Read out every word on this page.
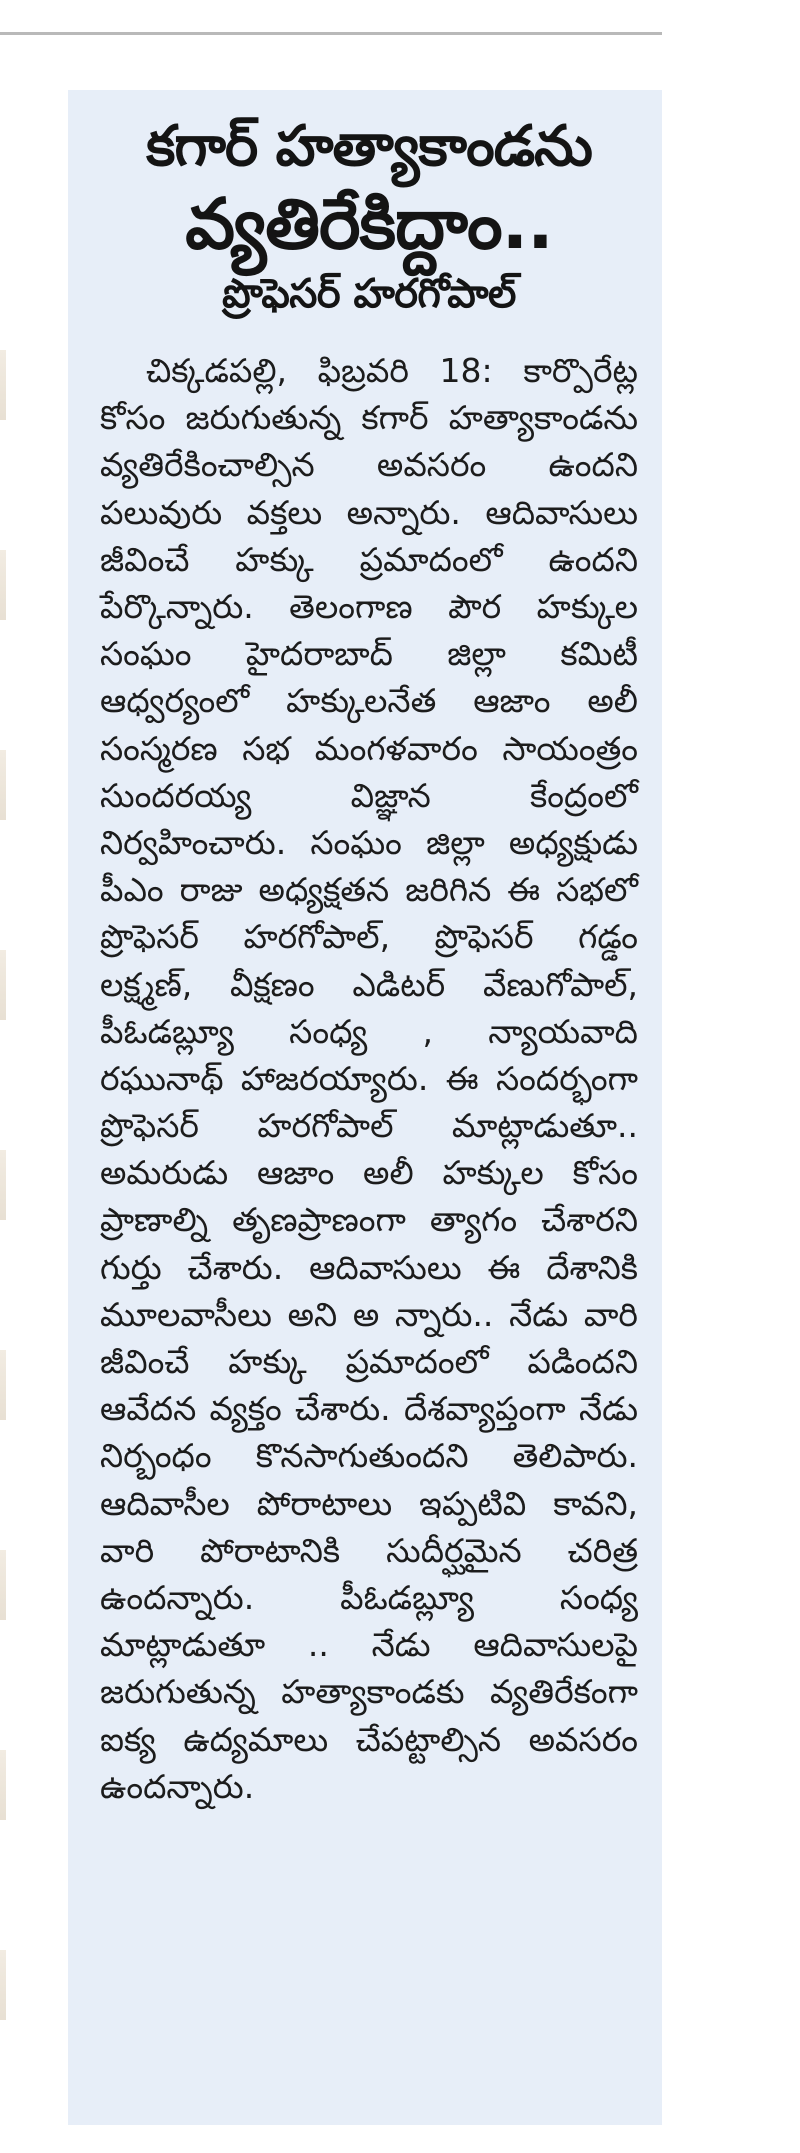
కగార్ హత్యాకాండను
వ్యతిరేకిద్దాం..
ప్రొఫెసర్ హరగోపాల్

చిక్కడపల్లి, ఫిబ్రవరి 18: కార్పొరేట్ల కోసం జరుగుతున్న కగార్ హత్యాకాండను వ్యతిరేకించాల్సిన అవసరం ఉందని పలువురు వక్తలు అన్నారు. ఆదివాసులు జీవించే హక్కు ప్రమాదంలో ఉందని పేర్కొన్నారు. తెలంగాణ పౌర హక్కుల సంఘం హైదరాబాద్ జిల్లా కమిటీ ఆధ్వర్యంలో హక్కులనేత ఆజాం అలీ సంస్మరణ సభ మంగళవారం సాయంత్రం సుందరయ్య విజ్ఞాన కేంద్రంలో నిర్వహించారు. సంఘం జిల్లా అధ్యక్షుడు పీఎం రాజు అధ్యక్షతన జరిగిన ఈ సభలో ప్రొఫెసర్ హరగోపాల్, ప్రొఫెసర్ గడ్డం లక్ష్మణ్, వీక్షణం ఎడిటర్ వేణుగోపాల్, పీఓడబ్ల్యూ సంధ్య , న్యాయవాది రఘునాథ్ హాజరయ్యారు. ఈ సందర్భంగా ప్రొఫెసర్ హరగోపాల్ మాట్లాడుతూ.. అమరుడు ఆజాం అలీ హక్కుల కోసం ప్రాణాల్ని తృణప్రాణంగా త్యాగం చేశారని గుర్తు చేశారు. ఆదివాసులు ఈ దేశానికి మూలవాసీలు అని అ న్నారు.. నేడు వారి జీవించే హక్కు ప్రమాదంలో పడిందని ఆవేదన వ్యక్తం చేశారు. దేశవ్యాప్తంగా నేడు నిర్బంధం కొనసాగుతుందని తెలిపారు. ఆదివాసీల పోరాటాలు ఇప్పటివి కావని, వారి పోరాటానికి సుదీర్ఘమైన చరిత్ర ఉందన్నారు. పీఓడబ్ల్యూ సంధ్య మాట్లాడుతూ .. నేడు ఆదివాసులపై జరుగుతున్న హత్యాకాండకు వ్యతిరేకంగా ఐక్య ఉద్యమాలు చేపట్టాల్సిన అవసరం ఉందన్నారు.
